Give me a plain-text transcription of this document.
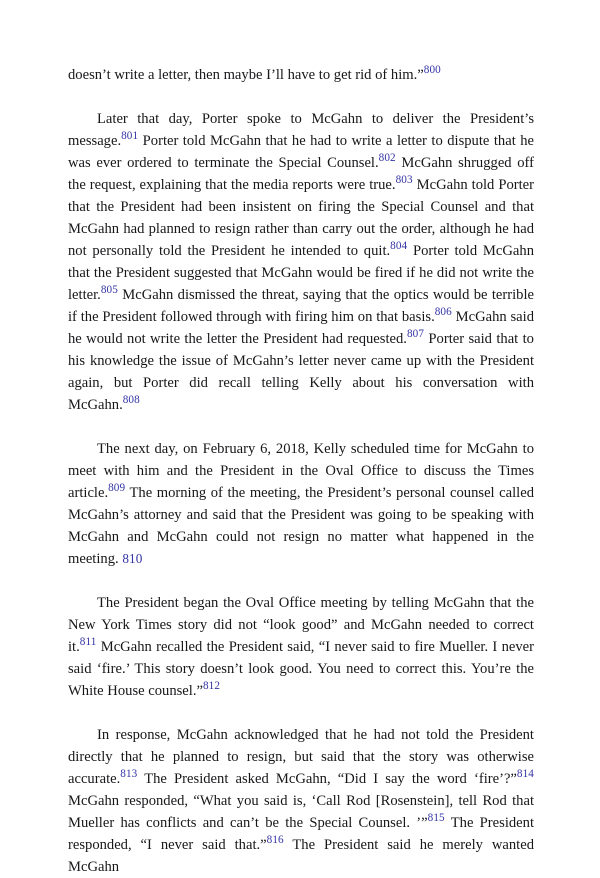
doesn’t write a letter, then maybe I’ll have to get rid of him.”$^{800}$

Later that day, Porter spoke to McGahn to deliver the President’s message.$^{801}$ Porter told McGahn that he had to write a letter to dispute that he was ever ordered to terminate the Special Counsel.$^{802}$ McGahn shrugged off the request, explaining that the media reports were true.$^{803}$ McGahn told Porter that the President had been insistent on firing the Special Counsel and that McGahn had planned to resign rather than carry out the order, although he had not personally told the President he intended to quit.$^{804}$ Porter told McGahn that the President suggested that McGahn would be fired if he did not write the letter.$^{805}$ McGahn dismissed the threat, saying that the optics would be terrible if the President followed through with firing him on that basis.$^{806}$ McGahn said he would not write the letter the President had requested.$^{807}$ Porter said that to his knowledge the issue of McGahn’s letter never came up with the President again, but Porter did recall telling Kelly about his conversation with McGahn.$^{808}$

The next day, on February 6, 2018, Kelly scheduled time for McGahn to meet with him and the President in the Oval Office to discuss the Times article.$^{809}$ The morning of the meeting, the President’s personal counsel called McGahn’s attorney and said that the President was going to be speaking with McGahn and McGahn could not resign no matter what happened in the meeting. 810

The President began the Oval Office meeting by telling McGahn that the New York Times story did not “look good” and McGahn needed to correct it.$^{811}$ McGahn recalled the President said, “I never said to fire Mueller. I never said ‘fire.’ This story doesn’t look good. You need to correct this. You’re the White House counsel.”$^{812}$

In response, McGahn acknowledged that he had not told the President directly that he planned to resign, but said that the story was otherwise accurate.$^{813}$ The President asked McGahn, “Did I say the word ‘fire’?”$^{814}$ McGahn responded, “What you said is, ‘Call Rod [Rosenstein], tell Rod that Mueller has conflicts and can’t be the Special Counsel. ’”$^{815}$ The President responded, “I never said that.”$^{816}$ The President said he merely wanted McGahn
